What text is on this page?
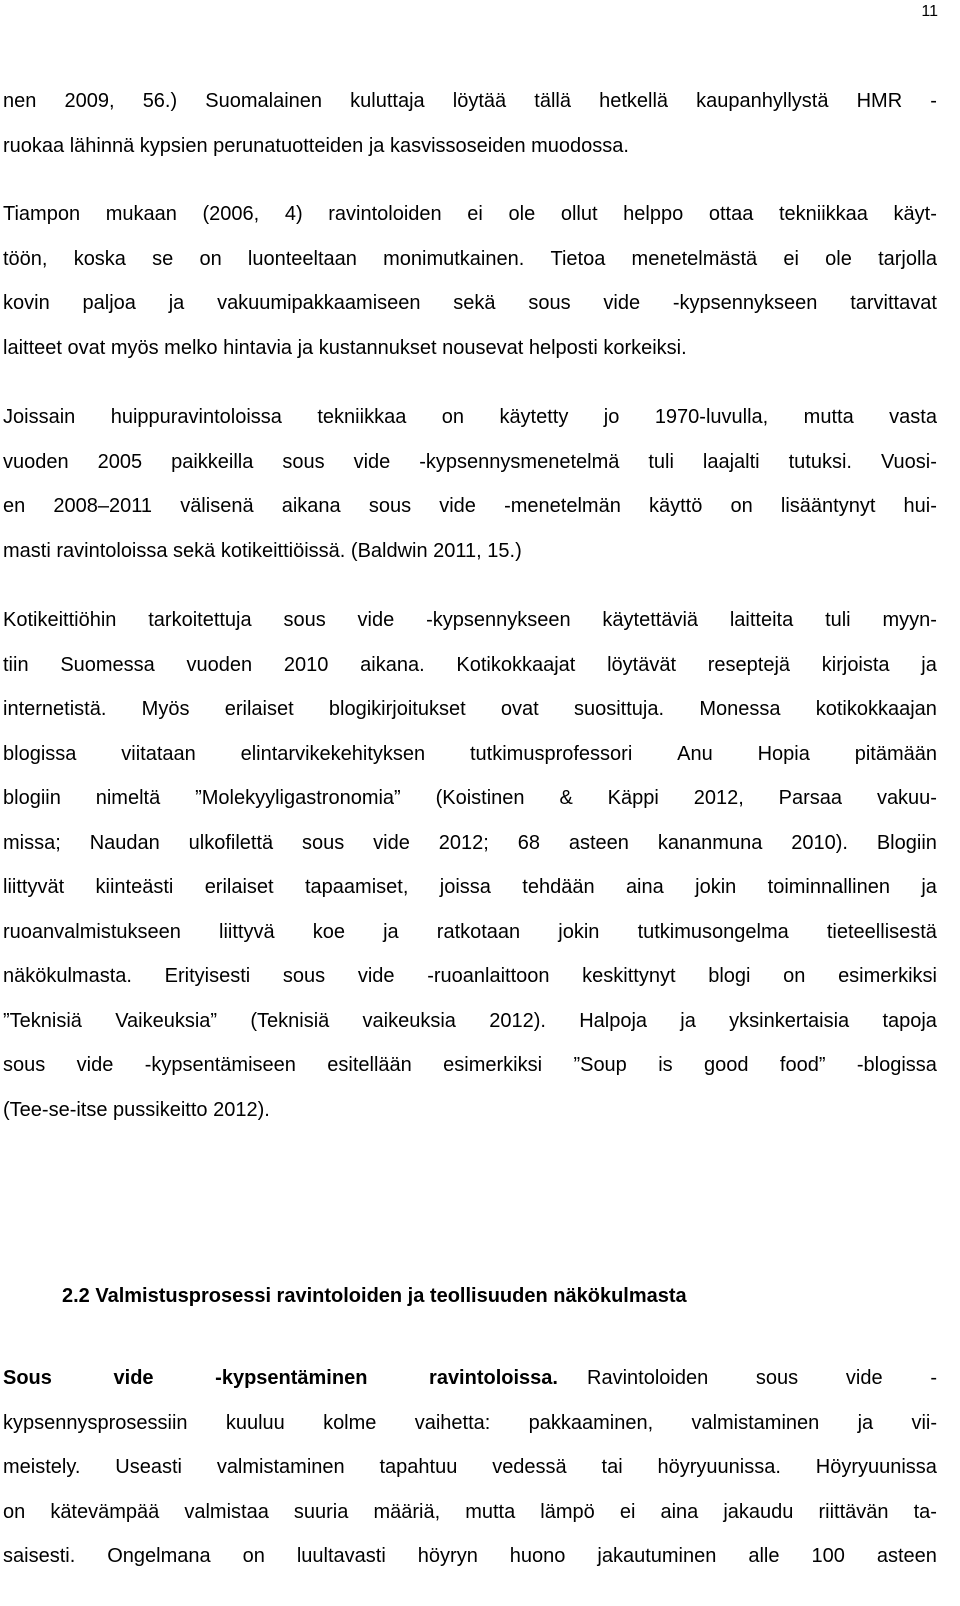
11
nen 2009, 56.) Suomalainen kuluttaja löytää tällä hetkellä kaupanhyllystä HMR -
ruokaa lähinnä kypsien perunatuotteiden ja kasvissoseiden muodossa.
Tiampon mukaan (2006, 4) ravintoloiden ei ole ollut helppo ottaa tekniikkaa käyt-
töön, koska se on luonteeltaan monimutkainen. Tietoa menetelmästä ei ole tarjolla
kovin paljoa ja vakuumipakkaamiseen sekä sous vide -kypsennykseen tarvittavat
laitteet ovat myös melko hintavia ja kustannukset nousevat helposti korkeiksi.
Joissain huippuravintoloissa tekniikkaa on käytetty jo 1970-luvulla, mutta vasta
vuoden 2005 paikkeilla sous vide -kypsennysmenetelmä tuli laajalti tutuksi. Vuosi-
en 2008–2011 välisenä aikana sous vide -menetelmän käyttö on lisääntynyt hui-
masti ravintoloissa sekä kotikeittiöissä. (Baldwin 2011, 15.)
Kotikeittiöhin tarkoitettuja sous vide -kypsennykseen käytettäviä laitteita tuli myyn-
tiin Suomessa vuoden 2010 aikana. Kotikokkaajat löytävät reseptejä kirjoista ja
internetistä. Myös erilaiset blogikirjoitukset ovat suosittuja. Monessa kotikokkaajan
blogissa viitataan elintarvikekehityksen tutkimusprofessori Anu Hopia pitämään
blogiin nimeltä ”Molekyyligastronomia” (Koistinen & Käppi 2012, Parsaa vakuu-
missa; Naudan ulkofilettä sous vide 2012; 68 asteen kananmuna 2010). Blogiin
liittyvät kiinteästi erilaiset tapaamiset, joissa tehdään aina jokin toiminnallinen ja
ruoanvalmistukseen liittyvä koe ja ratkotaan jokin tutkimusongelma tieteellisestä
näkökulmasta. Erityisesti sous vide -ruoanlaittoon keskittynyt blogi on esimerkiksi
”Teknisiä Vaikeuksia” (Teknisiä vaikeuksia 2012). Halpoja ja yksinkertaisia tapoja
sous vide -kypsentämiseen esitellään esimerkiksi ”Soup is good food” -blogissa
(Tee-se-itse pussikeitto 2012).
2.2 Valmistusprosessi ravintoloiden ja teollisuuden näkökulmasta
Sous	vide	-kypsentäminen	ravintoloissa. Ravintoloiden sous vide -
kypsennysprosessiin kuuluu kolme vaihetta: pakkaaminen, valmistaminen ja vii-
meistely. Useasti valmistaminen tapahtuu vedessä tai höyryuunissa. Höyryuunissa
on kätevämpää valmistaa suuria määriä, mutta lämpö ei aina jakaudu riittävän ta-
saisesti. Ongelmana on luultavasti höyryn huono jakautuminen alle 100 asteen
